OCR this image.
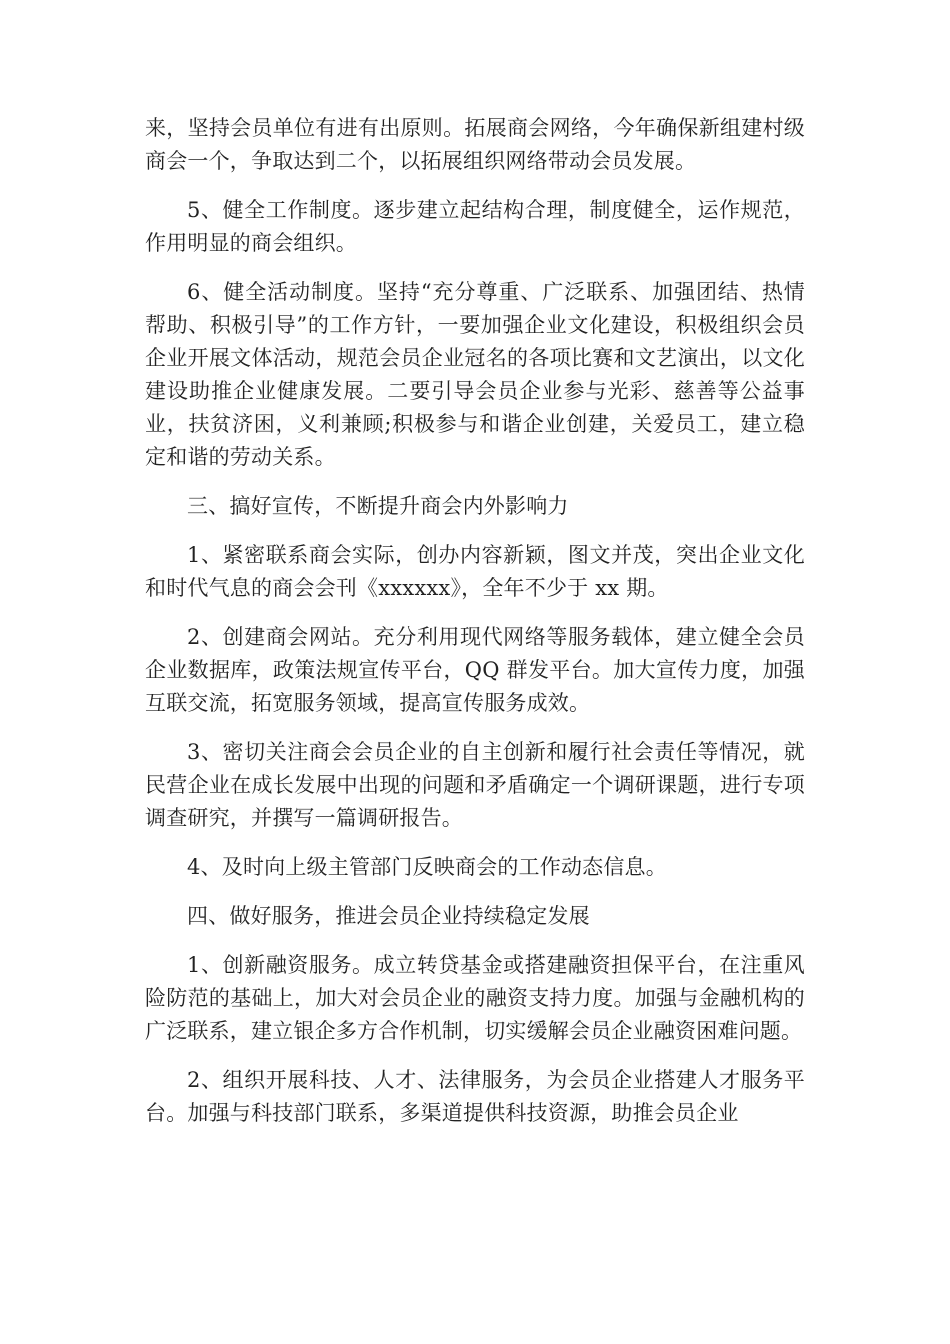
来，坚持会员单位有进有出原则。拓展商会网络，今年确保新组建村级商会一个，争取达到二个，以拓展组织网络带动会员发展。

5、健全工作制度。逐步建立起结构合理，制度健全，运作规范，作用明显的商会组织。

6、健全活动制度。坚持“充分尊重、广泛联系、加强团结、热情帮助、积极引导”的工作方针，一要加强企业文化建设，积极组织会员企业开展文体活动，规范会员企业冠名的各项比赛和文艺演出，以文化建设助推企业健康发展。二要引导会员企业参与光彩、慈善等公益事业，扶贫济困，义利兼顾;积极参与和谐企业创建，关爱员工，建立稳定和谐的劳动关系。

三、搞好宣传，不断提升商会内外影响力

1、紧密联系商会实际，创办内容新颖，图文并茂，突出企业文化和时代气息的商会会刊《xxxxxx》，全年不少于 xx 期。

2、创建商会网站。充分利用现代网络等服务载体，建立健全会员企业数据库，政策法规宣传平台，QQ 群发平台。加大宣传力度，加强互联交流，拓宽服务领域，提高宣传服务成效。

3、密切关注商会会员企业的自主创新和履行社会责任等情况，就民营企业在成长发展中出现的问题和矛盾确定一个调研课题，进行专项调查研究，并撰写一篇调研报告。

4、及时向上级主管部门反映商会的工作动态信息。

四、做好服务，推进会员企业持续稳定发展

1、创新融资服务。成立转贷基金或搭建融资担保平台，在注重风险防范的基础上，加大对会员企业的融资支持力度。加强与金融机构的广泛联系，建立银企多方合作机制，切实缓解会员企业融资困难问题。

2、组织开展科技、人才、法律服务，为会员企业搭建人才服务平台。加强与科技部门联系，多渠道提供科技资源，助推会员企业
